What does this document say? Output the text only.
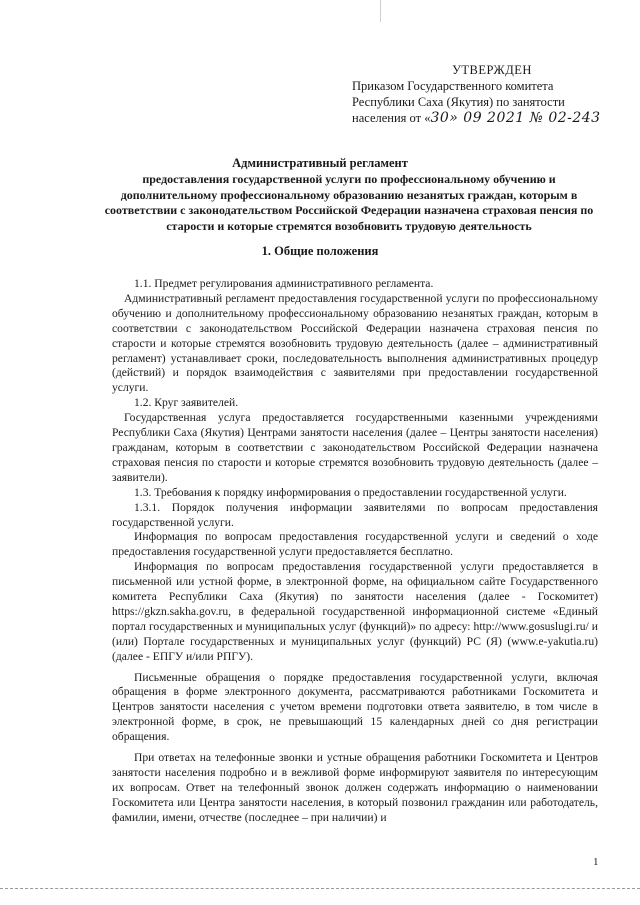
УТВЕРЖДЕН
Приказом Государственного комитета
Республики Саха (Якутия) по занятости
населения от «30» 09 2021 № 02-243
Административный регламент
предоставления государственной услуги по профессиональному обучению и дополнительному профессиональному образованию незанятых граждан, которым в соответствии с законодательством Российской Федерации назначена страховая пенсия по старости и которые стремятся возобновить трудовую деятельность
1. Общие положения

1.1. Предмет регулирования административного регламента.

Административный регламент предоставления государственной услуги по профессиональному обучению и дополнительному профессиональному образованию незанятых граждан, которым в соответствии с законодательством Российской Федерации назначена страховая пенсия по старости и которые стремятся возобновить трудовую деятельность (далее – административный регламент) устанавливает сроки, последовательность выполнения административных процедур (действий) и порядок взаимодействия с заявителями при предоставлении государственной услуги.

1.2. Круг заявителей.

Государственная услуга предоставляется государственными казенными учреждениями Республики Саха (Якутия) Центрами занятости населения (далее – Центры занятости населения) гражданам, которым в соответствии с законодательством Российской Федерации назначена страховая пенсия по старости и которые стремятся возобновить трудовую деятельность (далее – заявители).

1.3. Требования к порядку информирования о предоставлении государственной услуги.

1.3.1. Порядок получения информации заявителями по вопросам предоставления государственной услуги.

Информация по вопросам предоставления государственной услуги и сведений о ходе предоставления государственной услуги предоставляется бесплатно.

Информация по вопросам предоставления государственной услуги предоставляется в письменной или устной форме, в электронной форме, на официальном сайте Государственного комитета Республики Саха (Якутия) по занятости населения (далее - Госкомитет) https://gkzn.sakha.gov.ru, в федеральной государственной информационной системе «Единый портал государственных и муниципальных услуг (функций)» по адресу: http://www.gosuslugi.ru/ и (или) Портале государственных и муниципальных услуг (функций) РС (Я) (www.e-yakutia.ru) (далее - ЕПГУ и/или РПГУ).

Письменные обращения о порядке предоставления государственной услуги, включая обращения в форме электронного документа, рассматриваются работниками Госкомитета и Центров занятости населения с учетом времени подготовки ответа заявителю, в том числе в электронной форме, в срок, не превышающий 15 календарных дней со дня регистрации обращения.

При ответах на телефонные звонки и устные обращения работники Госкомитета и Центров занятости населения подробно и в вежливой форме информируют заявителя по интересующим их вопросам. Ответ на телефонный звонок должен содержать информацию о наименовании Госкомитета или Центра занятости населения, в который позвонил гражданин или работодатель, фамилии, имени, отчестве (последнее – при наличии) и

1
